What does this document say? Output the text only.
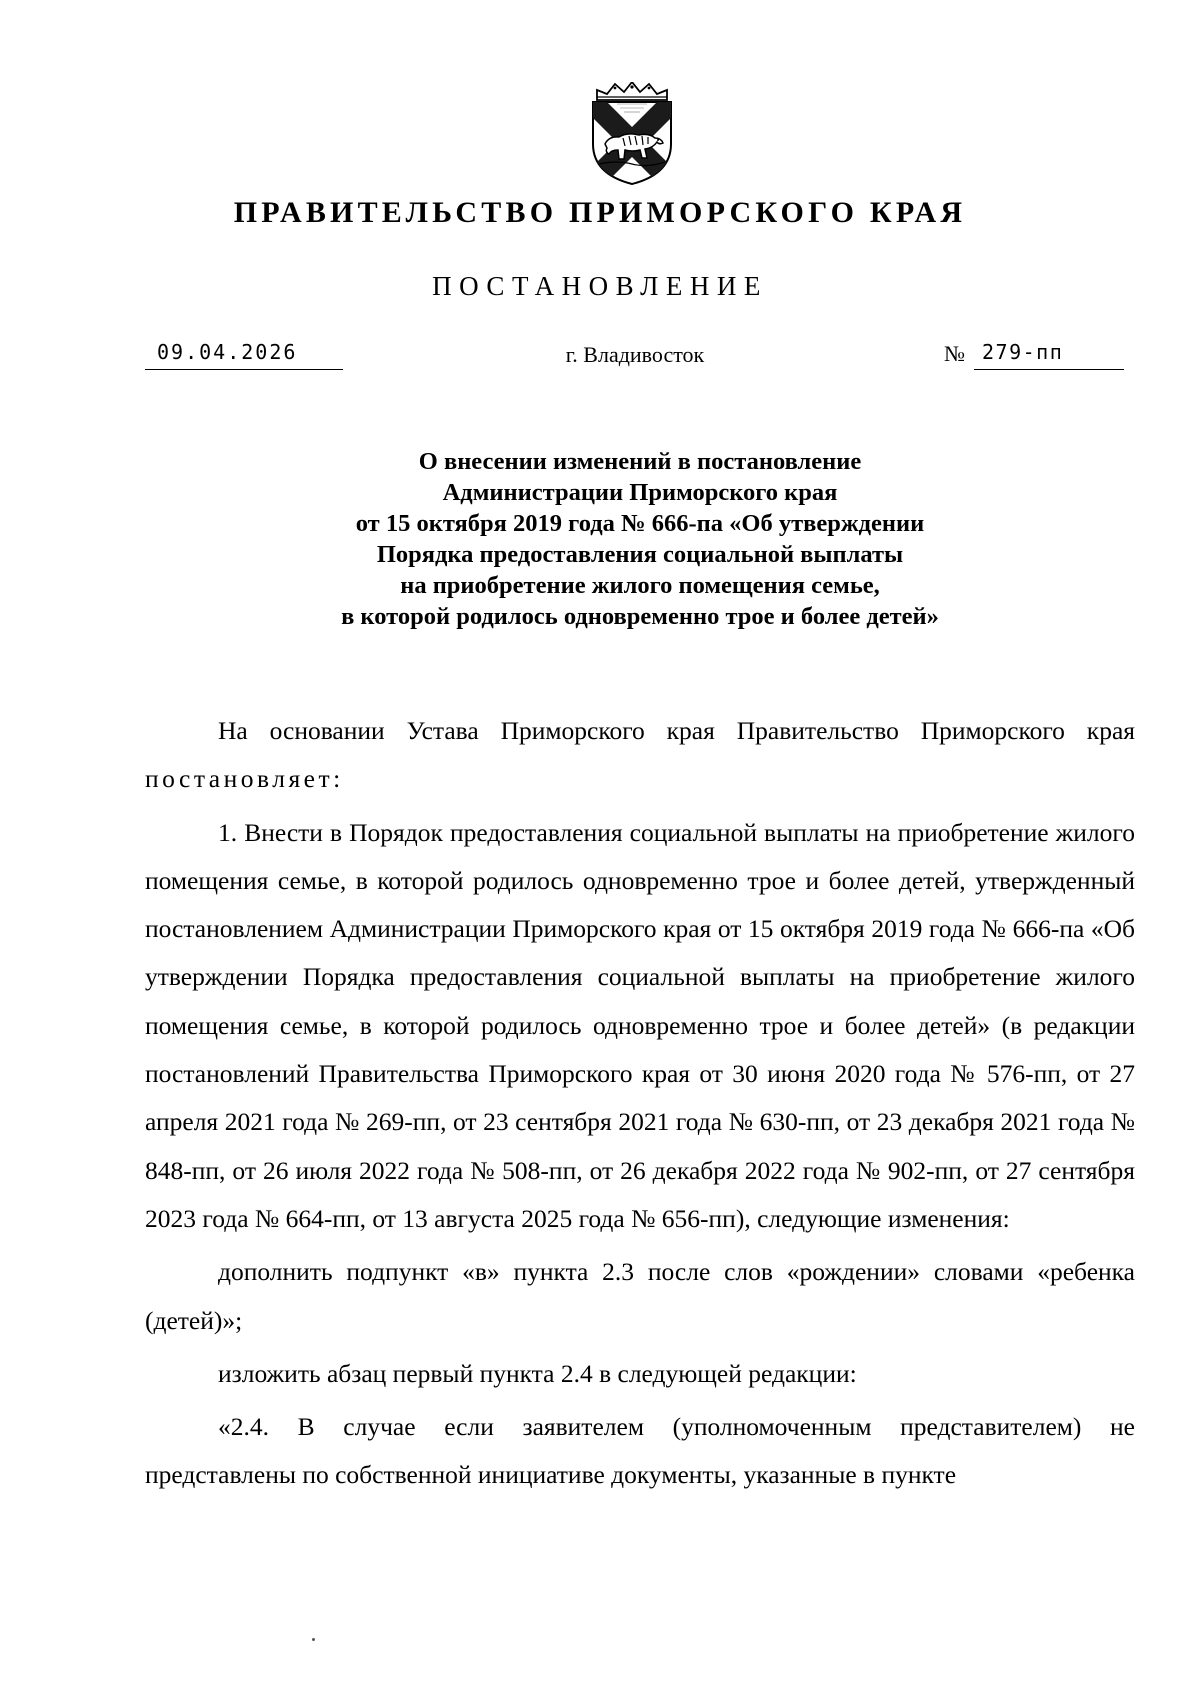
ПРАВИТЕЛЬСТВО ПРИМОРСКОГО КРАЯ
ПОСТАНОВЛЕНИЕ
09.04.2026	г. Владивосток	№ 279-пп
О внесении изменений в постановление
Администрации Приморского края
от 15 октября 2019 года № 666-па «Об утверждении
Порядка предоставления социальной выплаты
на приобретение жилого помещения семье,
в которой родилось одновременно трое и более детей»

На основании Устава Приморского края Правительство Приморского края постановляет:

1. Внести в Порядок предоставления социальной выплаты на приобретение жилого помещения семье, в которой родилось одновременно трое и более детей, утвержденный постановлением Администрации Приморского края от 15 октября 2019 года № 666-па «Об утверждении Порядка предоставления социальной выплаты на приобретение жилого помещения семье, в которой родилось одновременно трое и более детей» (в редакции постановлений Правительства Приморского края от 30 июня 2020 года № 576-пп, от 27 апреля 2021 года № 269-пп, от 23 сентября 2021 года № 630-пп, от 23 декабря 2021 года № 848-пп, от 26 июля 2022 года № 508-пп, от 26 декабря 2022 года № 902-пп, от 27 сентября 2023 года № 664-пп, от 13 августа 2025 года № 656-пп), следующие изменения:

дополнить подпункт «в» пункта 2.3 после слов «рождении» словами «ребенка (детей)»;

изложить абзац первый пункта 2.4 в следующей редакции:

«2.4. В случае если заявителем (уполномоченным представителем) не представлены по собственной инициативе документы, указанные в пункте
